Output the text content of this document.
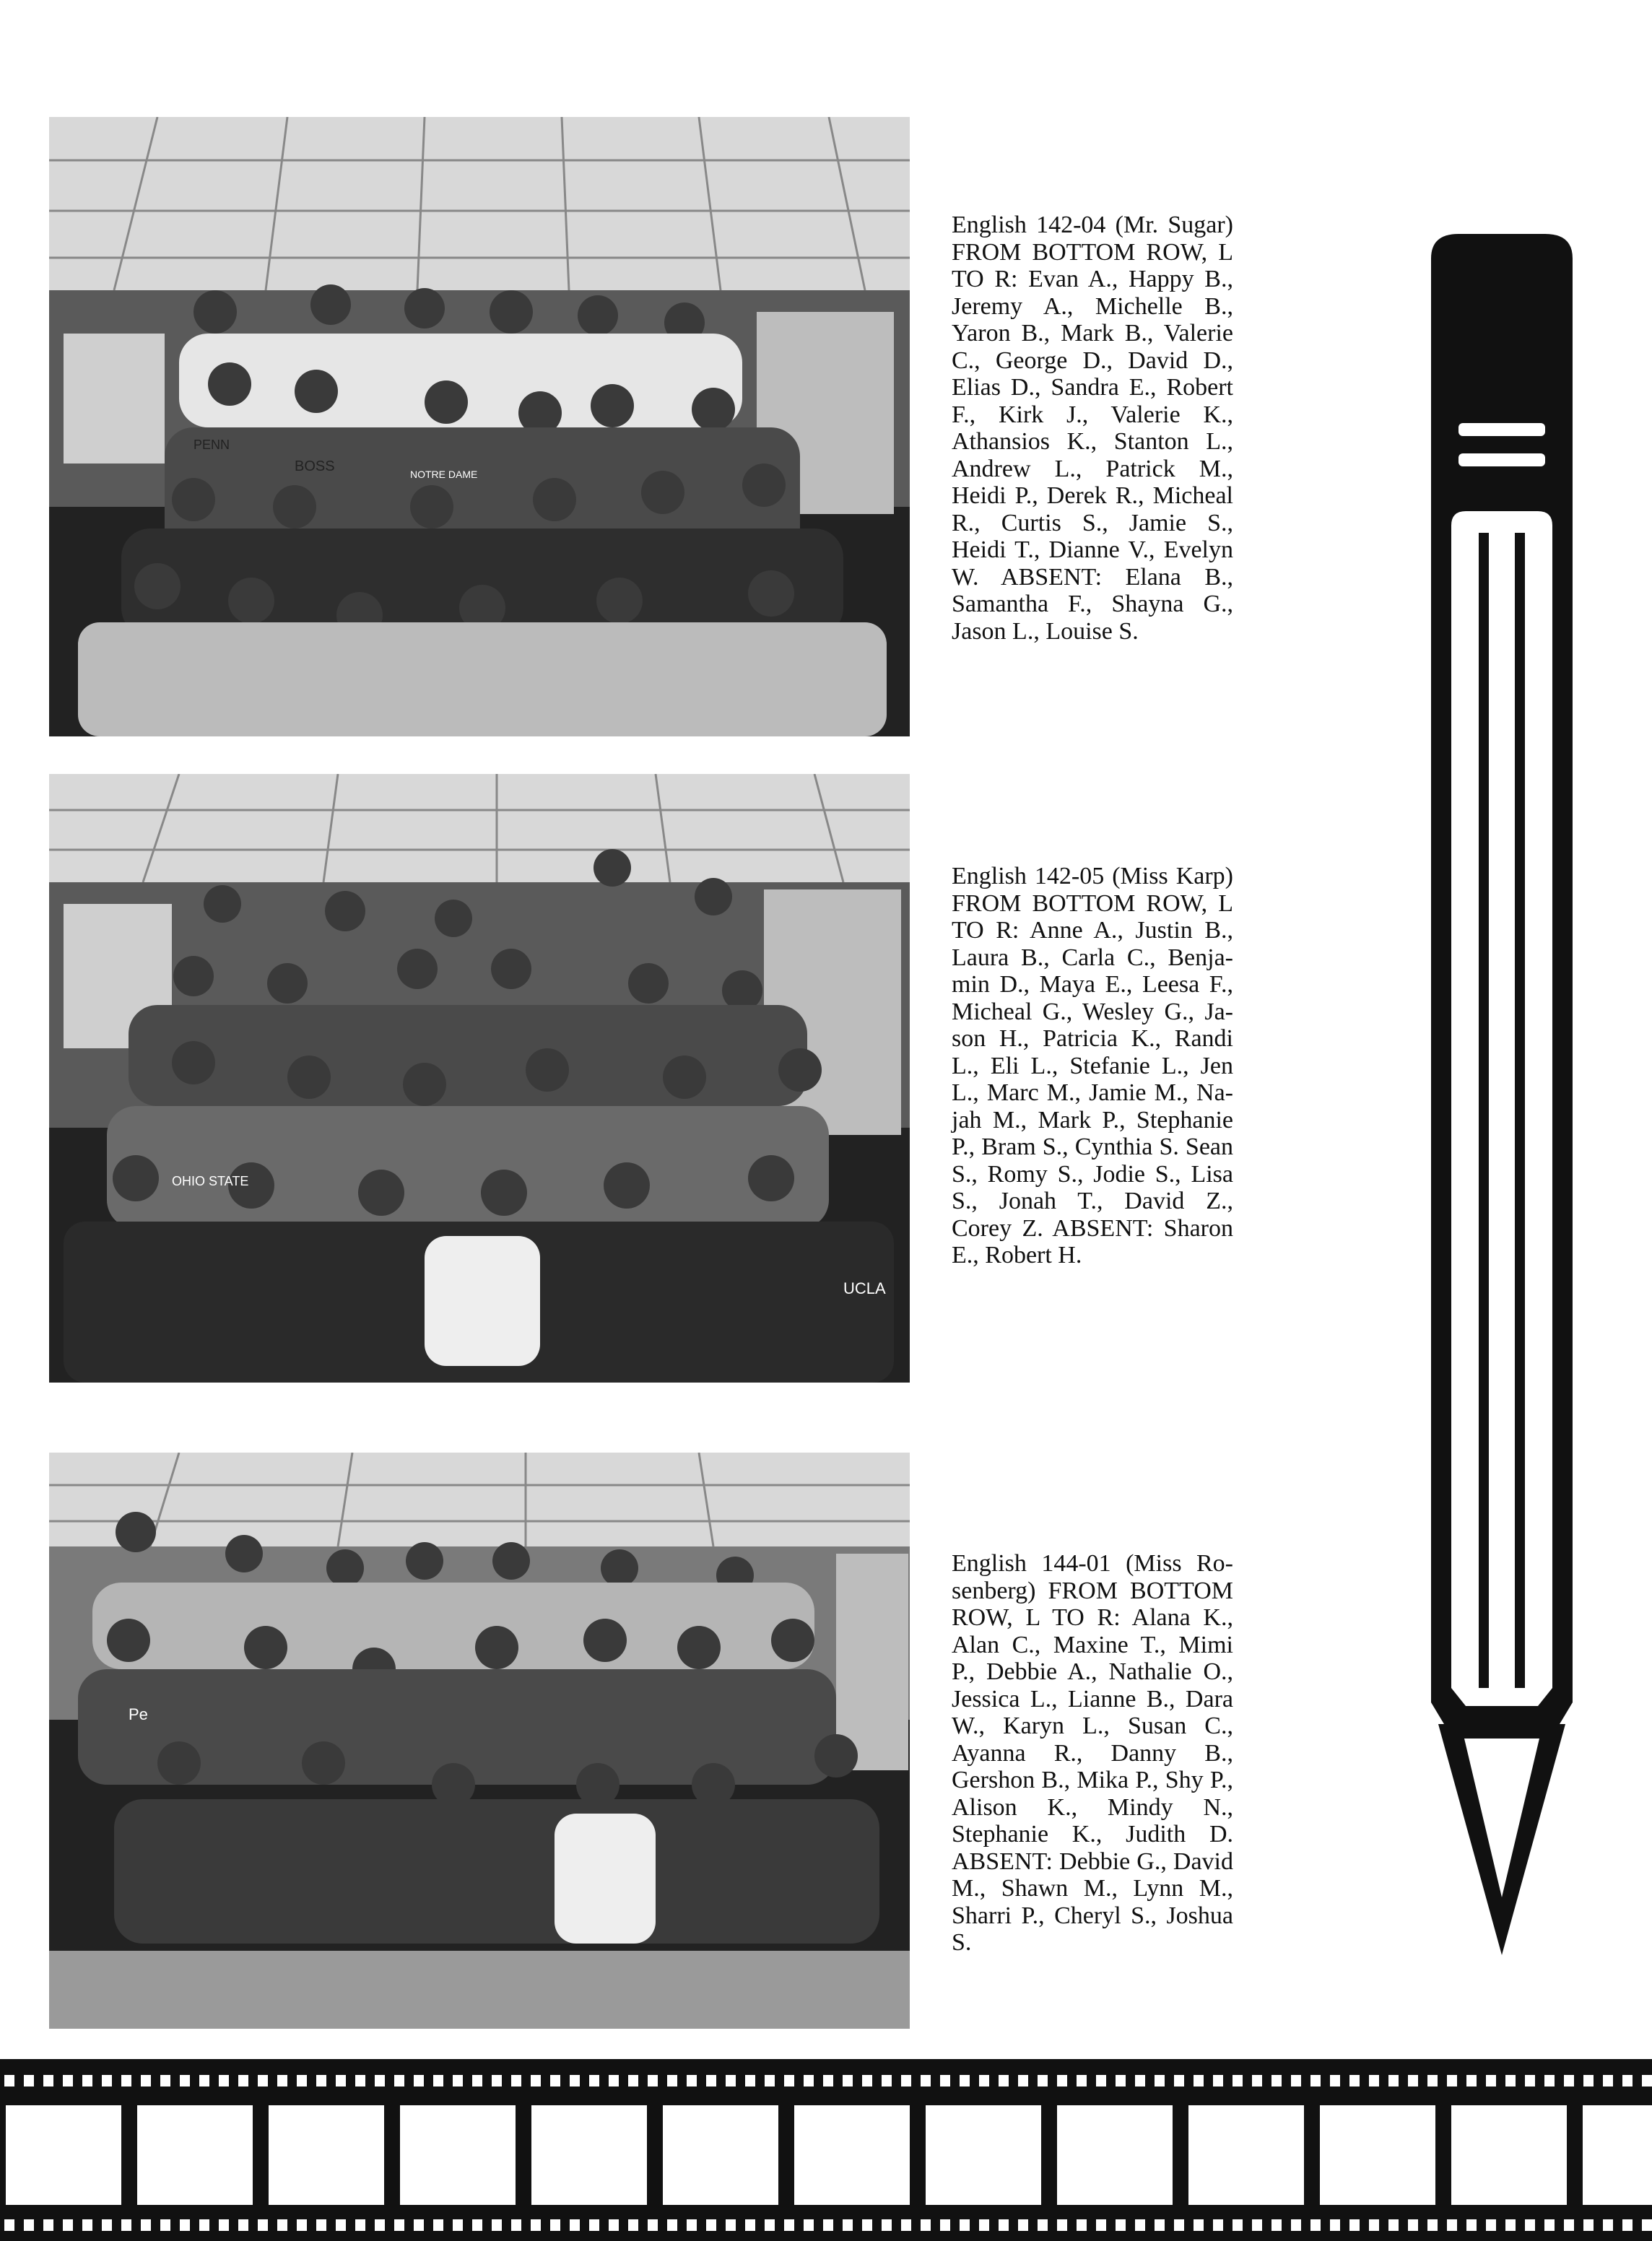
BOSS	NOTRE DAME
PENN
English 142-04 (Mr. Sugar) FROM BOTTOM ROW, L TO R: Evan A., Happy B., Jeremy A., Michelle B., Yaron B., Mark B., Valerie C., George D., David D., Elias D., Sandra E., Robert F., Kirk J., Valerie K., Athansios K., Stanton L., Andrew L., Patrick M., Heidi P., Derek R., Micheal R., Curtis S., Jamie S., Heidi T., Dianne V., Evelyn W. ABSENT: Elana B., Samantha F., Shayna G., Jason L., Louise S.
OHIO STATE
UCLA
English 142-05 (Miss Karp) FROM BOTTOM ROW, L TO R: Anne A., Justin B., Laura B., Carla C., Benjamin D., Maya E., Leesa F., Micheal G., Wesley G., Jason H., Patricia K., Randi L., Eli L., Stefanie L., Jen L., Marc M., Jamie M., Najah M., Mark P., Stephanie P., Bram S., Cynthia S. Sean S., Romy S., Jodie S., Lisa S., Jonah T., David Z., Corey Z. ABSENT: Sharon E., Robert H.
Pe
English 144-01 (Miss Rosenberg) FROM BOTTOM ROW, L TO R: Alana K., Alan C., Maxine T., Mimi P., Debbie A., Nathalie O., Jessica L., Lianne B., Dara W., Karyn L., Susan C., Ayanna R., Danny B., Gershon B., Mika P., Shy P., Alison K., Mindy N., Stephanie K., Judith D. ABSENT: Debbie G., David M., Shawn M., Lynn M., Sharri P., Cheryl S., Joshua S.
